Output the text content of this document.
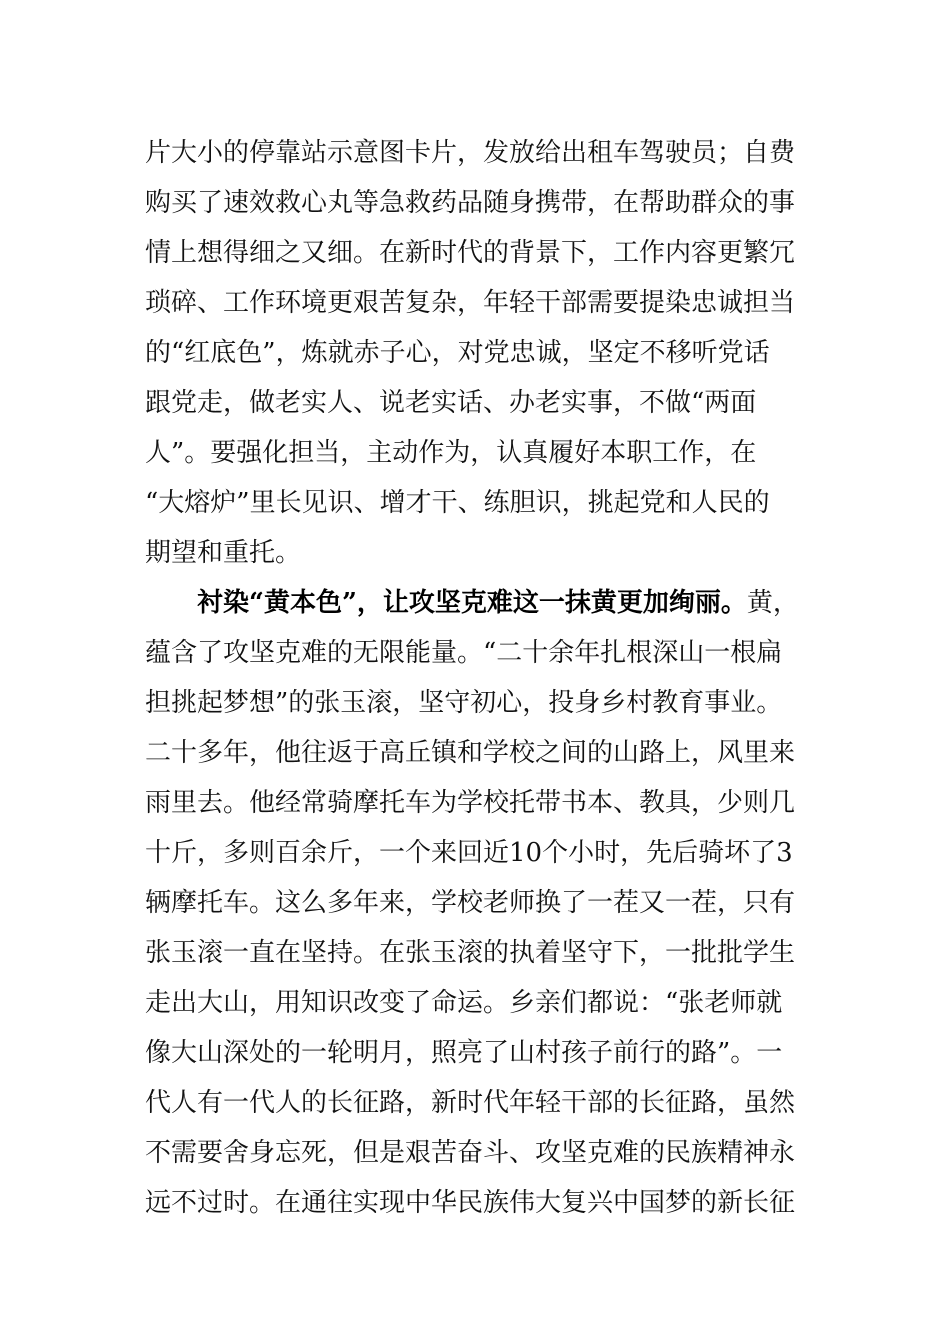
片大小的停靠站示意图卡片，发放给出租车驾驶员；自费
购买了速效救心丸等急救药品随身携带，在帮助群众的事
情上想得细之又细。在新时代的背景下，工作内容更繁冗
琐碎、工作环境更艰苦复杂，年轻干部需要提染忠诚担当
的“红底色”，炼就赤子心，对党忠诚，坚定不移听党话
跟党走，做老实人、说老实话、办老实事，不做“两面
人”。要强化担当，主动作为，认真履好本职工作，在
“大熔炉”里长见识、增才干、练胆识，挑起党和人民的
期望和重托。
衬染“黄本色”，让攻坚克难这一抹黄更加绚丽。黄，
蕴含了攻坚克难的无限能量。“二十余年扎根深山一根扁
担挑起梦想”的张玉滚，坚守初心，投身乡村教育事业。
二十多年，他往返于高丘镇和学校之间的山路上，风里来
雨里去。他经常骑摩托车为学校托带书本、教具，少则几
十斤，多则百余斤，一个来回近10个小时，先后骑坏了3
辆摩托车。这么多年来，学校老师换了一茬又一茬，只有
张玉滚一直在坚持。在张玉滚的执着坚守下，一批批学生
走出大山，用知识改变了命运。乡亲们都说：“张老师就
像大山深处的一轮明月，照亮了山村孩子前行的路”。一
代人有一代人的长征路，新时代年轻干部的长征路，虽然
不需要舍身忘死，但是艰苦奋斗、攻坚克难的民族精神永
远不过时。在通往实现中华民族伟大复兴中国梦的新长征
